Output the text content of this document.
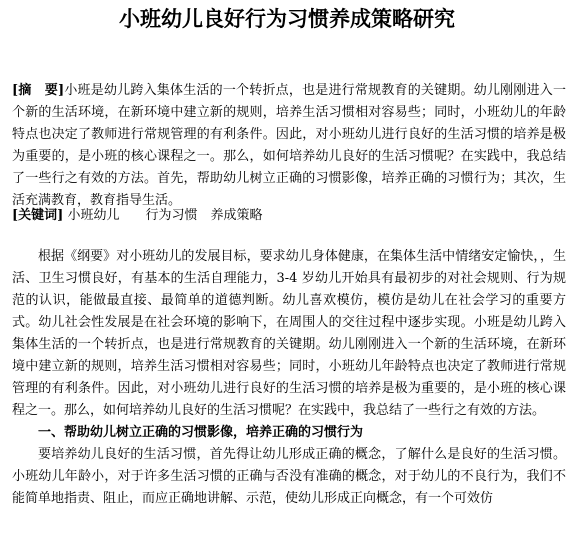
小班幼儿良好行为习惯养成策略研究
[摘　要]小班是幼儿跨入集体生活的一个转折点，也是进行常规教育的关键期。幼儿刚刚进入一个新的生活环境，在新环境中建立新的规则，培养生活习惯相对容易些；同时，小班幼儿的年龄特点也决定了教师进行常规管理的有利条件。因此，对小班幼儿进行良好的生活习惯的培养是极为重要的，是小班的核心课程之一。那么，如何培养幼儿良好的生活习惯呢？在实践中，我总结了一些行之有效的方法。首先，帮助幼儿树立正确的习惯影像，培养正确的习惯行为；其次，生活充满教育，教育指导生活。
[关键词] 小班幼儿　　行为习惯　养成策略

根据《纲要》对小班幼儿的发展目标，要求幼儿身体健康，在集体生活中情绪安定愉快，，生活、卫生习惯良好，有基本的生活自理能力，3-4 岁幼儿开始具有最初步的对社会规则、行为规范的认识，能做最直接、最简单的道德判断。幼儿喜欢模仿，模仿是幼儿在社会学习的重要方式。幼儿社会性发展是在社会环境的影响下，在周围人的交往过程中逐步实现。小班是幼儿跨入集体生活的一个转折点，也是进行常规教育的关键期。幼儿刚刚进入一个新的生活环境，在新环境中建立新的规则，培养生活习惯相对容易些；同时，小班幼儿年龄特点也决定了教师进行常规管理的有利条件。因此，对小班幼儿进行良好的生活习惯的培养是极为重要的，是小班的核心课程之一。那么，如何培养幼儿良好的生活习惯呢？在实践中，我总结了一些行之有效的方法。

一、帮助幼儿树立正确的习惯影像，培养正确的习惯行为

要培养幼儿良好的生活习惯，首先得让幼儿形成正确的概念，了解什么是良好的生活习惯。小班幼儿年龄小，对于许多生活习惯的正确与否没有准确的概念，对于幼儿的不良行为，我们不能简单地指责、阻止，而应正确地讲解、示范，使幼儿形成正向概念，有一个可效仿
